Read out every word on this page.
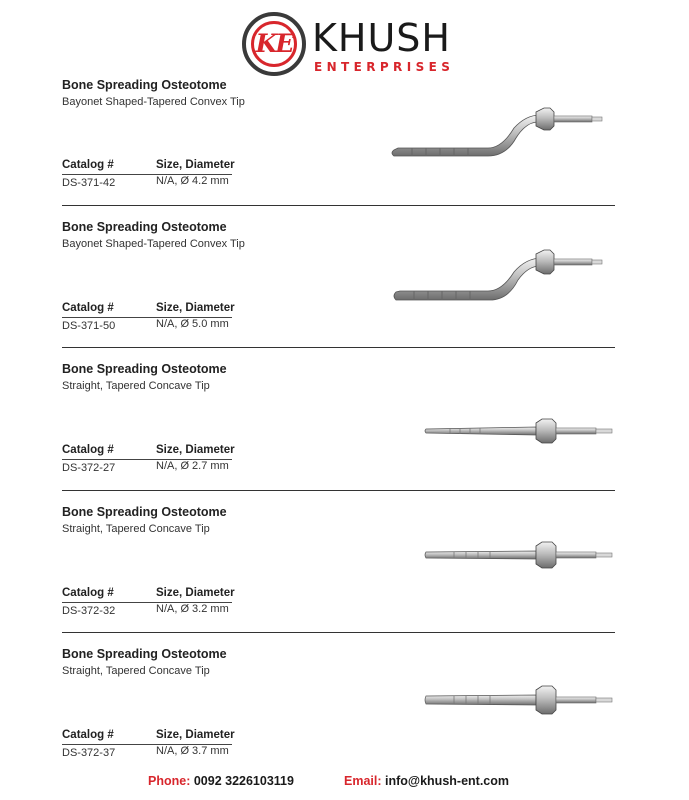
KE KHUSH
ENTERPRISES
Bone Spreading Osteotome
Bayonet Shaped-Tapered Convex Tip
Catalog #	Size, Diameter
DS-371-42	N/A, Ø 4.2 mm
Bone Spreading Osteotome
Bayonet Shaped-Tapered Convex Tip
Catalog #	Size, Diameter
DS-371-50	N/A, Ø 5.0 mm
Bone Spreading Osteotome
Straight, Tapered Concave Tip
Catalog #	Size, Diameter
DS-372-27	N/A, Ø 2.7 mm
Bone Spreading Osteotome
Straight, Tapered Concave Tip
Catalog #	Size, Diameter
DS-372-32	N/A, Ø 3.2 mm
Bone Spreading Osteotome
Straight, Tapered Concave Tip
Catalog #	Size, Diameter
DS-372-37	N/A, Ø 3.7 mm
Phone: 0092 3226103119	Email: info@khush-ent.com
